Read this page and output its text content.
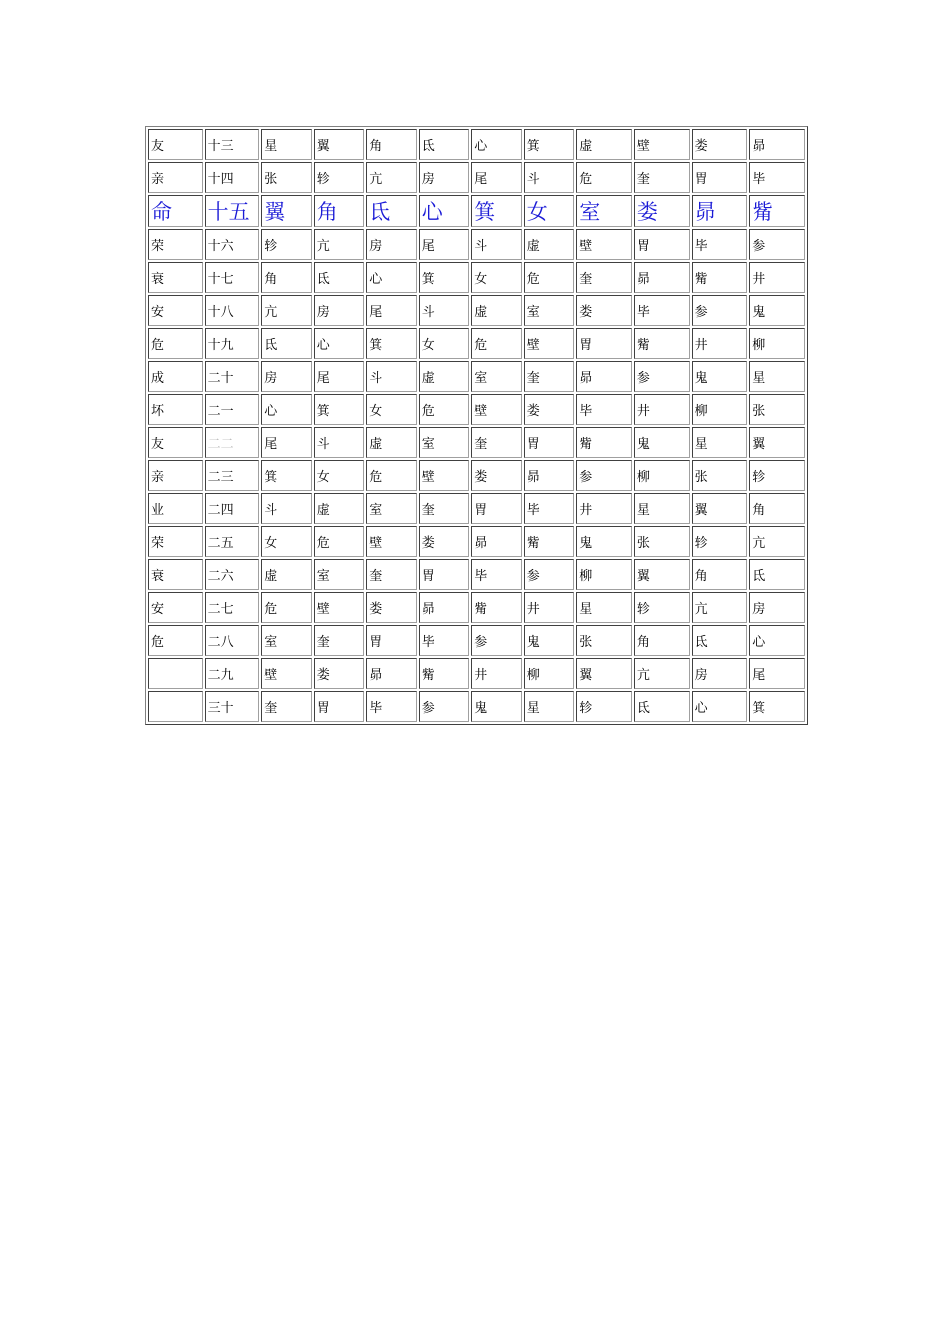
友	十三	星	翼	角	氐	心	箕	虚	壁	娄	昴
亲	十四	张	轸	亢	房	尾	斗	危	奎	胃	毕
命	十五	翼	角	氐	心	箕	女	室	娄	昴	觜
荣	十六	轸	亢	房	尾	斗	虚	壁	胃	毕	参
衰	十七	角	氐	心	箕	女	危	奎	昴	觜	井
安	十八	亢	房	尾	斗	虚	室	娄	毕	参	鬼
危	十九	氐	心	箕	女	危	壁	胃	觜	井	柳
成	二十	房	尾	斗	虚	室	奎	昴	参	鬼	星
坏	二一	心	箕	女	危	壁	娄	毕	井	柳	张
友	二二	尾	斗	虚	室	奎	胃	觜	鬼	星	翼
亲	二三	箕	女	危	壁	娄	昴	参	柳	张	轸
业	二四	斗	虚	室	奎	胃	毕	井	星	翼	角
荣	二五	女	危	壁	娄	昴	觜	鬼	张	轸	亢
衰	二六	虚	室	奎	胃	毕	参	柳	翼	角	氐
安	二七	危	壁	娄	昴	觜	井	星	轸	亢	房
危	二八	室	奎	胃	毕	参	鬼	张	角	氐	心
	二九	壁	娄	昴	觜	井	柳	翼	亢	房	尾
	三十	奎	胃	毕	参	鬼	星	轸	氐	心	箕
